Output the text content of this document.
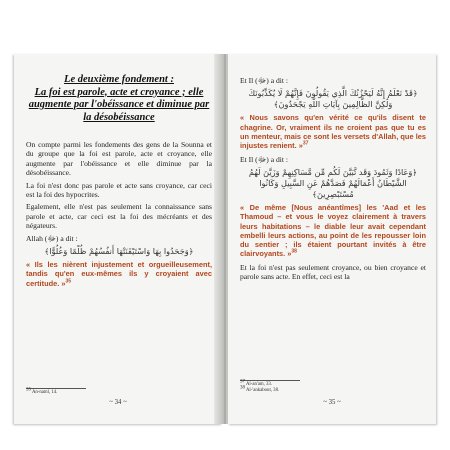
Le deuxième fondement :
La foi est parole, acte et croyance ; elle augmente par l'obéissance et diminue par la désobéissance

On compte parmi les fondements des gens de la Sounna et du groupe que la foi est parole, acte et croyance, elle augmente par l'obéissance et elle diminue par la désobéissance.

La foi n'est donc pas parole et acte sans croyance, car ceci est la foi des hypocrites.

Egalement, elle n'est pas seulement la connaissance sans parole et acte, car ceci est la foi des mécréants et des négateurs.

Allah (ﷻ) a dit :
﴿وَجَحَدُوا بِهَا وَاسْتَيْقَنَتْهَا أَنفُسُهُمْ ظُلْمًا وَعُلُوًّا﴾
« Ils les nièrent injustement et orgueilleusement, tandis qu'en eux-mêmes ils y croyaient avec certitude. »$^{35}$
$^{35}$ An-naml, 14.
~ 34 ~
Et Il (ﷻ) a dit :
﴿قَدْ نَعْلَمُ إِنَّهُ لَيَحْزُنُكَ الَّذِي يَقُولُونَ فَإِنَّهُمْ لَا يُكَذِّبُونَكَ وَلَٰكِنَّ الظَّالِمِينَ بِآيَاتِ اللَّهِ يَجْحَدُونَ﴾
« Nous savons qu'en vérité ce qu'ils disent te chagrine. Or, vraiment ils ne croient pas que tu es un menteur, mais ce sont les versets d'Allah, que les injustes renient. »$^{37}$
Et Il (ﷻ) a dit :
﴿وَعَادًا وَثَمُودَ وَقَد تَّبَيَّنَ لَكُم مِّن مَّسَاكِنِهِمْ وَزَيَّنَ لَهُمُ الشَّيْطَانُ أَعْمَالَهُمْ فَصَدَّهُمْ عَنِ السَّبِيلِ وَكَانُوا مُسْتَبْصِرِينَ﴾
« De même [Nous anéantîmes] les 'Aad et les Thamoud – et vous le voyez clairement à travers leurs habitations – le diable leur avait cependant embelli leurs actions, au point de les repousser loin du sentier ; ils étaient pourtant invités à être clairvoyants. »$^{38}$

Et la foi n'est pas seulement croyance, ou bien croyance et parole sans acte. En effet, ceci est la

$^{37}$ Al-an'am, 33.
$^{38}$ Al-'ankabout, 38.
~ 35 ~
